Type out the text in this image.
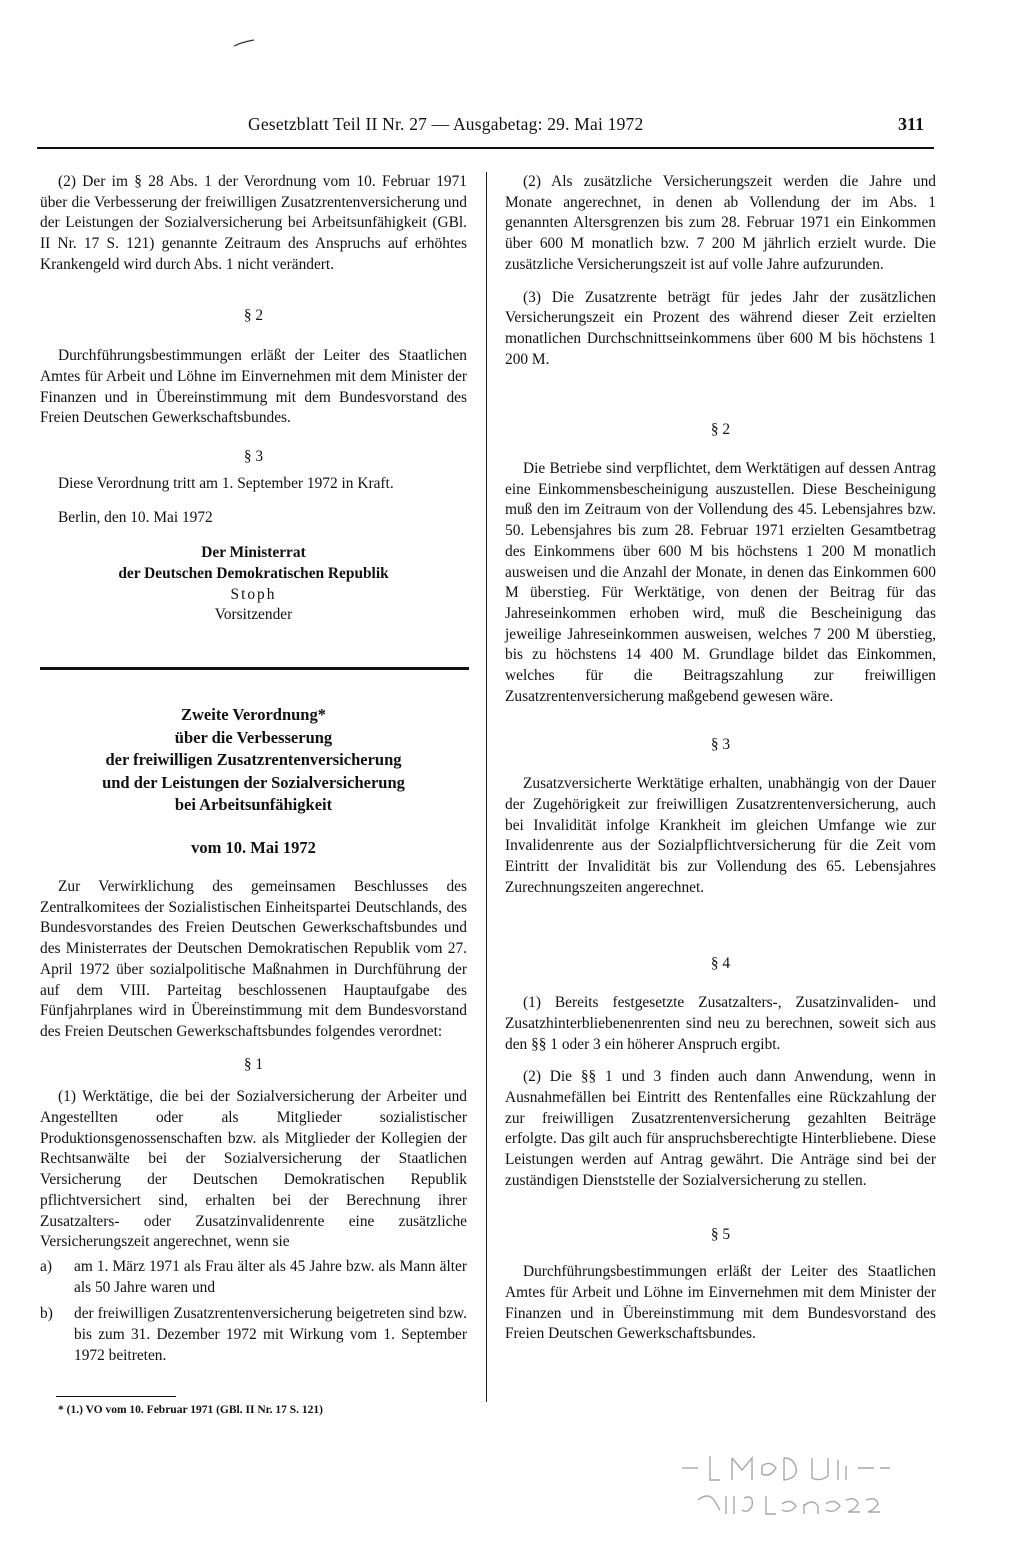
Gesetzblatt Teil II Nr. 27 — Ausgabetag: 29. Mai 1972	311

(2) Der im § 28 Abs. 1 der Verordnung vom 10. Februar 1971 über die Verbesserung der freiwilligen Zusatzrentenversicherung und der Leistungen der Sozialversicherung bei Arbeitsunfähigkeit (GBl. II Nr. 17 S. 121) genannte Zeitraum des Anspruchs auf erhöhtes Krankengeld wird durch Abs. 1 nicht verändert.

§ 2

Durchführungsbestimmungen erläßt der Leiter des Staatlichen Amtes für Arbeit und Löhne im Einvernehmen mit dem Minister der Finanzen und in Übereinstimmung mit dem Bundesvorstand des Freien Deutschen Gewerkschaftsbundes.

§ 3

Diese Verordnung tritt am 1. September 1972 in Kraft.

Berlin, den 10. Mai 1972

Der Ministerrat

der Deutschen Demokratischen Republik

Stoph

Vorsitzender

Zweite Verordnung*

über die Verbesserung

der freiwilligen Zusatzrentenversicherung

und der Leistungen der Sozialversicherung

bei Arbeitsunfähigkeit

vom 10. Mai 1972

Zur Verwirklichung des gemeinsamen Beschlusses des Zentralkomitees der Sozialistischen Einheitspartei Deutschlands, des Bundesvorstandes des Freien Deutschen Gewerkschaftsbundes und des Ministerrates der Deutschen Demokratischen Republik vom 27. April 1972 über sozialpolitische Maßnahmen in Durchführung der auf dem VIII. Parteitag beschlossenen Hauptaufgabe des Fünfjahrplanes wird in Übereinstimmung mit dem Bundesvorstand des Freien Deutschen Gewerkschaftsbundes folgendes verordnet:

§ 1

(1) Werktätige, die bei der Sozialversicherung der Arbeiter und Angestellten oder als Mitglieder sozialistischer Produktionsgenossenschaften bzw. als Mitglieder der Kollegien der Rechtsanwälte bei der Sozialversicherung der Staatlichen Versicherung der Deutschen Demokratischen Republik pflichtversichert sind, erhalten bei der Berechnung ihrer Zusatzalters- oder Zusatzinvalidenrente eine zusätzliche Versicherungszeit angerechnet, wenn sie

a) am 1. März 1971 als Frau älter als 45 Jahre bzw. als Mann älter als 50 Jahre waren und
b) der freiwilligen Zusatzrentenversicherung beigetreten sind bzw. bis zum 31. Dezember 1972 mit Wirkung vom 1. September 1972 beitreten.
* (1.) VO vom 10. Februar 1971 (GBl. II Nr. 17 S. 121)

(2) Als zusätzliche Versicherungszeit werden die Jahre und Monate angerechnet, in denen ab Vollendung der im Abs. 1 genannten Altersgrenzen bis zum 28. Februar 1971 ein Einkommen über 600 M monatlich bzw. 7 200 M jährlich erzielt wurde. Die zusätzliche Versicherungszeit ist auf volle Jahre aufzurunden.

(3) Die Zusatzrente beträgt für jedes Jahr der zusätzlichen Versicherungszeit ein Prozent des während dieser Zeit erzielten monatlichen Durchschnittseinkommens über 600 M bis höchstens 1 200 M.

§ 2

Die Betriebe sind verpflichtet, dem Werktätigen auf dessen Antrag eine Einkommensbescheinigung auszustellen. Diese Bescheinigung muß den im Zeitraum von der Vollendung des 45. Lebensjahres bzw. 50. Lebensjahres bis zum 28. Februar 1971 erzielten Gesamtbetrag des Einkommens über 600 M bis höchstens 1 200 M monatlich ausweisen und die Anzahl der Monate, in denen das Einkommen 600 M überstieg. Für Werktätige, von denen der Beitrag für das Jahreseinkommen erhoben wird, muß die Bescheinigung das jeweilige Jahreseinkommen ausweisen, welches 7 200 M überstieg, bis zu höchstens 14 400 M. Grundlage bildet das Einkommen, welches für die Beitragszahlung zur freiwilligen Zusatzrentenversicherung maßgebend gewesen wäre.

§ 3

Zusatzversicherte Werktätige erhalten, unabhängig von der Dauer der Zugehörigkeit zur freiwilligen Zusatzrentenversicherung, auch bei Invalidität infolge Krankheit im gleichen Umfange wie zur Invalidenrente aus der Sozialpflichtversicherung für die Zeit vom Eintritt der Invalidität bis zur Vollendung des 65. Lebensjahres Zurechnungszeiten angerechnet.

§ 4

(1) Bereits festgesetzte Zusatzalters-, Zusatzinvaliden- und Zusatzhinterbliebenenrenten sind neu zu berechnen, soweit sich aus den §§ 1 oder 3 ein höherer Anspruch ergibt.

(2) Die §§ 1 und 3 finden auch dann Anwendung, wenn in Ausnahmefällen bei Eintritt des Rentenfalles eine Rückzahlung der zur freiwilligen Zusatzrentenversicherung gezahlten Beiträge erfolgte. Das gilt auch für anspruchsberechtigte Hinterbliebene. Diese Leistungen werden auf Antrag gewährt. Die Anträge sind bei der zuständigen Dienststelle der Sozialversicherung zu stellen.

§ 5

Durchführungsbestimmungen erläßt der Leiter des Staatlichen Amtes für Arbeit und Löhne im Einvernehmen mit dem Minister der Finanzen und in Übereinstimmung mit dem Bundesvorstand des Freien Deutschen Gewerkschaftsbundes.
